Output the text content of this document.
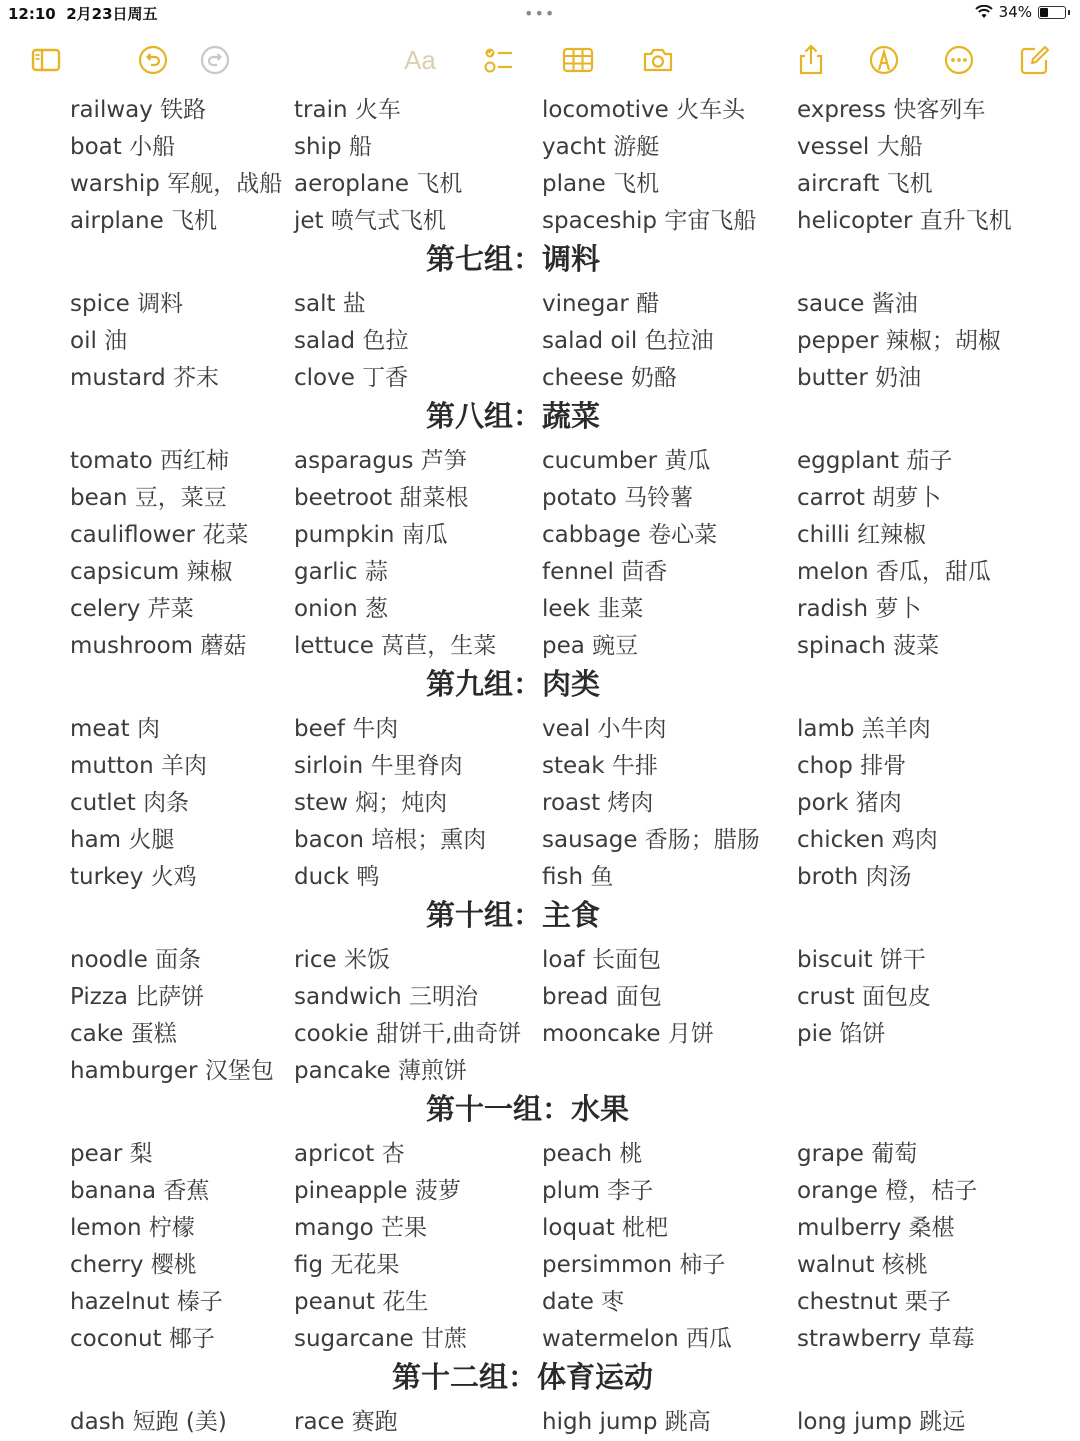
12:10 2月23日周五	•••	34%
Aa
railway 铁路	train 火车	locomotive 火车头 express 快客列车
boat 小船	ship 船	yacht 游艇	vessel 大船
warship 军舰，战船 aeroplane 飞机	plane 飞机	aircraft 飞机
airplane 飞机	jet 喷气式飞机	spaceship 宇宙飞船 helicopter 直升飞机
第七组：调料
spice 调料	salt 盐	vinegar 醋	sauce 酱油
oil 油	salad 色拉	salad oil 色拉油	pepper 辣椒；胡椒
mustard 芥末	clove 丁香	cheese 奶酪	butter 奶油
第八组：蔬菜
tomato 西红柿	asparagus 芦笋	cucumber 黄瓜	eggplant 茄子
bean 豆，菜豆	beetroot 甜菜根	potato 马铃薯	carrot 胡萝卜
cauliflower 花菜 pumpkin 南瓜	cabbage 卷心菜	chilli 红辣椒
capsicum 辣椒	garlic 蒜	fennel 茴香	melon 香瓜，甜瓜
celery 芹菜	onion 葱	leek 韭菜	radish 萝卜
mushroom 蘑菇 lettuce 莴苣，生菜 pea 豌豆	spinach 菠菜
第九组：肉类
meat 肉	beef 牛肉	veal 小牛肉	lamb 羔羊肉
mutton 羊肉	sirloin 牛里脊肉	steak 牛排	chop 排骨
cutlet 肉条	stew 焖；炖肉	roast 烤肉	pork 猪肉
ham 火腿	bacon 培根；熏肉 sausage 香肠；腊肠 chicken 鸡肉
turkey 火鸡	duck 鸭	fish 鱼	broth 肉汤
第十组：主食
noodle 面条	rice 米饭	loaf 长面包	biscuit 饼干
Pizza 比萨饼	sandwich 三明治	bread 面包	crust 面包皮
cake 蛋糕	cookie 甜饼干,曲奇饼 mooncake 月饼	pie 馅饼
hamburger 汉堡包 pancake 薄煎饼
第十一组：水果
pear 梨	apricot 杏	peach 桃	grape 葡萄
banana 香蕉	pineapple 菠萝	plum 李子	orange 橙，桔子
lemon 柠檬	mango 芒果	loquat 枇杷	mulberry 桑椹
cherry 樱桃	fig 无花果	persimmon 柿子	walnut 核桃
hazelnut 榛子	peanut 花生	date 枣	chestnut 栗子
coconut 椰子	sugarcane 甘蔗	watermelon 西瓜	strawberry 草莓
第十二组：体育运动
dash 短跑 (美)	race 赛跑	high jump 跳高	long jump 跳远
